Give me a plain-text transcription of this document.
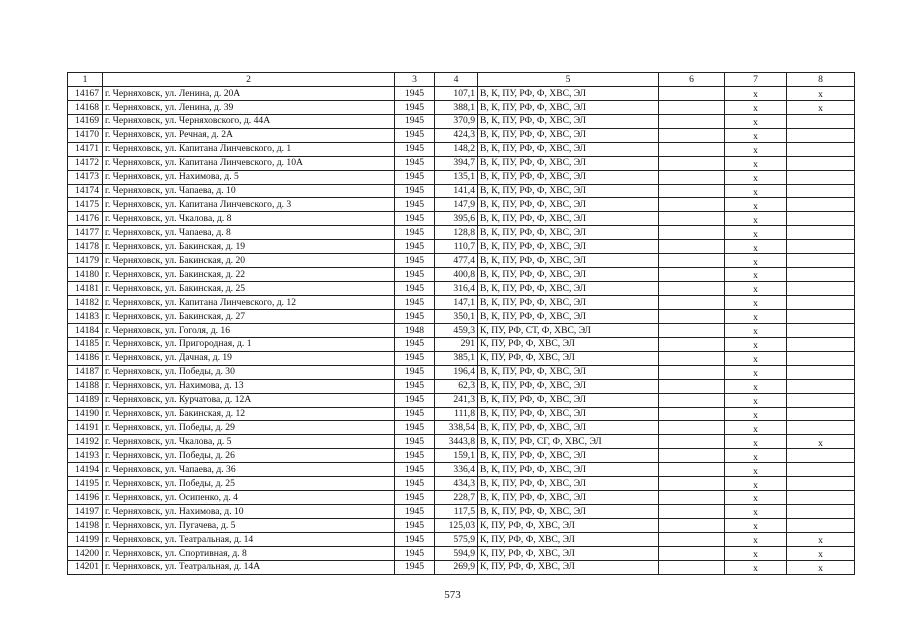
1	2	3	4	5	6	7	8
14167	г. Черняховск, ул. Ленина, д. 20А	1945	107,1	В, К, ПУ, РФ, Ф, ХВС, ЭЛ		х	х
14168	г. Черняховск, ул. Ленина, д. 39	1945	388,1	В, К, ПУ, РФ, Ф, ХВС, ЭЛ		х	х
14169	г. Черняховск, ул. Черняховского, д. 44А	1945	370,9	В, К, ПУ, РФ, Ф, ХВС, ЭЛ		х	
14170	г. Черняховск, ул. Речная, д. 2А	1945	424,3	В, К, ПУ, РФ, Ф, ХВС, ЭЛ		х	
14171	г. Черняховск, ул. Капитана Линчевского, д. 1	1945	148,2	В, К, ПУ, РФ, Ф, ХВС, ЭЛ		х	
14172	г. Черняховск, ул. Капитана Линчевского, д. 10А	1945	394,7	В, К, ПУ, РФ, Ф, ХВС, ЭЛ		х	
14173	г. Черняховск, ул. Нахимова, д. 5	1945	135,1	В, К, ПУ, РФ, Ф, ХВС, ЭЛ		х	
14174	г. Черняховск, ул. Чапаева, д. 10	1945	141,4	В, К, ПУ, РФ, Ф, ХВС, ЭЛ		х	
14175	г. Черняховск, ул. Капитана Линчевского, д. 3	1945	147,9	В, К, ПУ, РФ, Ф, ХВС, ЭЛ		х	
14176	г. Черняховск, ул. Чкалова, д. 8	1945	395,6	В, К, ПУ, РФ, Ф, ХВС, ЭЛ		х	
14177	г. Черняховск, ул. Чапаева, д. 8	1945	128,8	В, К, ПУ, РФ, Ф, ХВС, ЭЛ		х	
14178	г. Черняховск, ул. Бакинская, д. 19	1945	110,7	В, К, ПУ, РФ, Ф, ХВС, ЭЛ		х	
14179	г. Черняховск, ул. Бакинская, д. 20	1945	477,4	В, К, ПУ, РФ, Ф, ХВС, ЭЛ		х	
14180	г. Черняховск, ул. Бакинская, д. 22	1945	400,8	В, К, ПУ, РФ, Ф, ХВС, ЭЛ		х	
14181	г. Черняховск, ул. Бакинская, д. 25	1945	316,4	В, К, ПУ, РФ, Ф, ХВС, ЭЛ		х	
14182	г. Черняховск, ул. Капитана Линчевского, д. 12	1945	147,1	В, К, ПУ, РФ, Ф, ХВС, ЭЛ		х	
14183	г. Черняховск, ул. Бакинская, д. 27	1945	350,1	В, К, ПУ, РФ, Ф, ХВС, ЭЛ		х	
14184	г. Черняховск, ул. Гоголя, д. 16	1948	459,3	К, ПУ, РФ, СТ, Ф, ХВС, ЭЛ		х	
14185	г. Черняховск, ул. Пригородная, д. 1	1945	291	К, ПУ, РФ, Ф, ХВС, ЭЛ		х	
14186	г. Черняховск, ул. Дачная, д. 19	1945	385,1	К, ПУ, РФ, Ф, ХВС, ЭЛ		х	
14187	г. Черняховск, ул. Победы, д. 30	1945	196,4	В, К, ПУ, РФ, Ф, ХВС, ЭЛ		х	
14188	г. Черняховск, ул. Нахимова, д. 13	1945	62,3	В, К, ПУ, РФ, Ф, ХВС, ЭЛ		х	
14189	г. Черняховск, ул. Курчатова, д. 12А	1945	241,3	В, К, ПУ, РФ, Ф, ХВС, ЭЛ		х	
14190	г. Черняховск, ул. Бакинская, д. 12	1945	111,8	В, К, ПУ, РФ, Ф, ХВС, ЭЛ		х	
14191	г. Черняховск, ул. Победы, д. 29	1945	338,54	В, К, ПУ, РФ, Ф, ХВС, ЭЛ		х	
14192	г. Черняховск, ул. Чкалова, д. 5	1945	3443,8	В, К, ПУ, РФ, СГ, Ф, ХВС, ЭЛ		х	х
14193	г. Черняховск, ул. Победы, д. 26	1945	159,1	В, К, ПУ, РФ, Ф, ХВС, ЭЛ		х	
14194	г. Черняховск, ул. Чапаева, д. 36	1945	336,4	В, К, ПУ, РФ, Ф, ХВС, ЭЛ		х	
14195	г. Черняховск, ул. Победы, д. 25	1945	434,3	В, К, ПУ, РФ, Ф, ХВС, ЭЛ		х	
14196	г. Черняховск, ул. Осипенко, д. 4	1945	228,7	В, К, ПУ, РФ, Ф, ХВС, ЭЛ		х	
14197	г. Черняховск, ул. Нахимова, д. 10	1945	117,5	В, К, ПУ, РФ, Ф, ХВС, ЭЛ		х	
14198	г. Черняховск, ул. Пугачева, д. 5	1945	125,03	К, ПУ, РФ, Ф, ХВС, ЭЛ		х	
14199	г. Черняховск, ул. Театральная, д. 14	1945	575,9	К, ПУ, РФ, Ф, ХВС, ЭЛ		х	х
14200	г. Черняховск, ул. Спортивная, д. 8	1945	594,9	К, ПУ, РФ, Ф, ХВС, ЭЛ		х	х
14201	г. Черняховск, ул. Театральная, д. 14А	1945	269,9	К, ПУ, РФ, Ф, ХВС, ЭЛ		х	х
573
